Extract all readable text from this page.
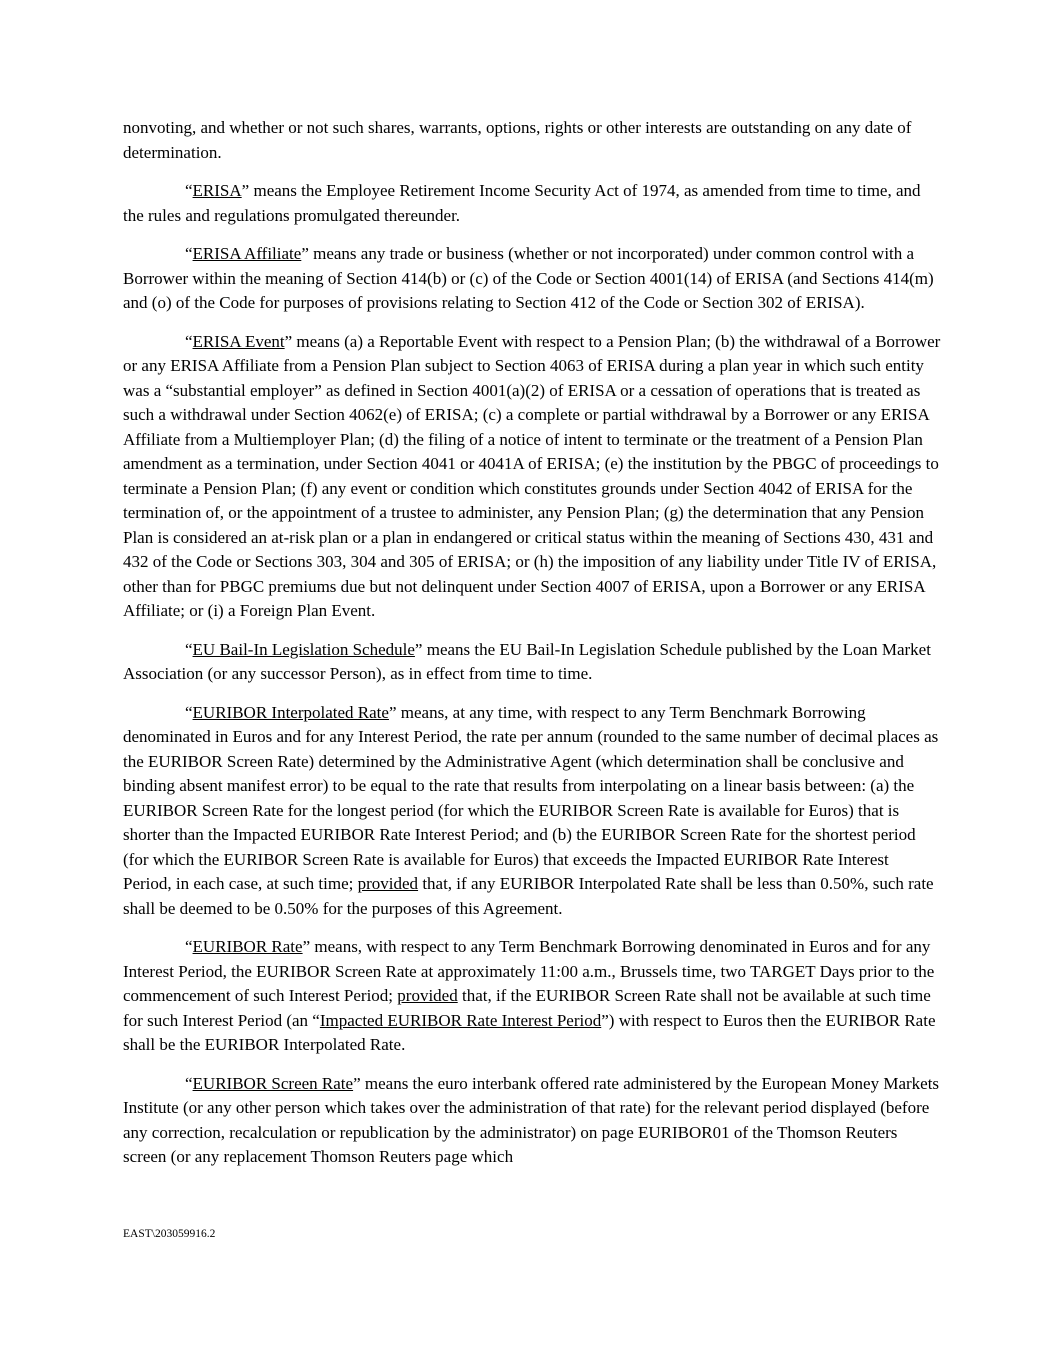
nonvoting, and whether or not such shares, warrants, options, rights or other interests are outstanding on any date of determination.

“ERISA” means the Employee Retirement Income Security Act of 1974, as amended from time to time, and the rules and regulations promulgated thereunder.

“ERISA Affiliate” means any trade or business (whether or not incorporated) under common control with a Borrower within the meaning of Section 414(b) or (c) of the Code or Section 4001(14) of ERISA (and Sections 414(m) and (o) of the Code for purposes of provisions relating to Section 412 of the Code or Section 302 of ERISA).

“ERISA Event” means (a) a Reportable Event with respect to a Pension Plan; (b) the withdrawal of a Borrower or any ERISA Affiliate from a Pension Plan subject to Section 4063 of ERISA during a plan year in which such entity was a “substantial employer” as defined in Section 4001(a)(2) of ERISA or a cessation of operations that is treated as such a withdrawal under Section 4062(e) of ERISA; (c) a complete or partial withdrawal by a Borrower or any ERISA Affiliate from a Multiemployer Plan; (d) the filing of a notice of intent to terminate or the treatment of a Pension Plan amendment as a termination, under Section 4041 or 4041A of ERISA; (e) the institution by the PBGC of proceedings to terminate a Pension Plan; (f) any event or condition which constitutes grounds under Section 4042 of ERISA for the termination of, or the appointment of a trustee to administer, any Pension Plan; (g) the determination that any Pension Plan is considered an at-risk plan or a plan in endangered or critical status within the meaning of Sections 430, 431 and 432 of the Code or Sections 303, 304 and 305 of ERISA; or (h) the imposition of any liability under Title IV of ERISA, other than for PBGC premiums due but not delinquent under Section 4007 of ERISA, upon a Borrower or any ERISA Affiliate; or (i) a Foreign Plan Event.

“EU Bail-In Legislation Schedule” means the EU Bail-In Legislation Schedule published by the Loan Market Association (or any successor Person), as in effect from time to time.

“EURIBOR Interpolated Rate” means, at any time, with respect to any Term Benchmark Borrowing denominated in Euros and for any Interest Period, the rate per annum (rounded to the same number of decimal places as the EURIBOR Screen Rate) determined by the Administrative Agent (which determination shall be conclusive and binding absent manifest error) to be equal to the rate that results from interpolating on a linear basis between: (a) the EURIBOR Screen Rate for the longest period (for which the EURIBOR Screen Rate is available for Euros) that is shorter than the Impacted EURIBOR Rate Interest Period; and (b) the EURIBOR Screen Rate for the shortest period (for which the EURIBOR Screen Rate is available for Euros) that exceeds the Impacted EURIBOR Rate Interest Period, in each case, at such time; provided that, if any EURIBOR Interpolated Rate shall be less than 0.50%, such rate shall be deemed to be 0.50% for the purposes of this Agreement.

“EURIBOR Rate” means, with respect to any Term Benchmark Borrowing denominated in Euros and for any Interest Period, the EURIBOR Screen Rate at approximately 11:00 a.m., Brussels time, two TARGET Days prior to the commencement of such Interest Period; provided that, if the EURIBOR Screen Rate shall not be available at such time for such Interest Period (an “Impacted EURIBOR Rate Interest Period”) with respect to Euros then the EURIBOR Rate shall be the EURIBOR Interpolated Rate.

“EURIBOR Screen Rate” means the euro interbank offered rate administered by the European Money Markets Institute (or any other person which takes over the administration of that rate) for the relevant period displayed (before any correction, recalculation or republication by the administrator) on page EURIBOR01 of the Thomson Reuters screen (or any replacement Thomson Reuters page which

EAST\203059916.2
